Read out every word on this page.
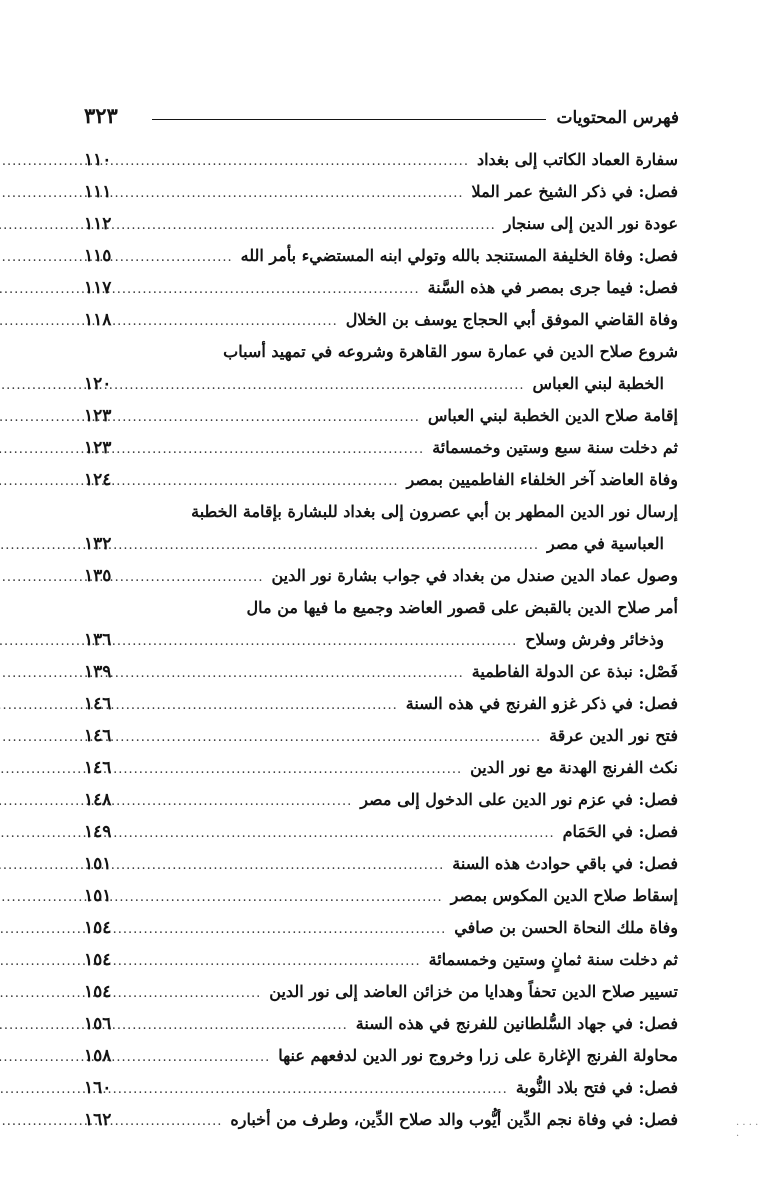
فهرس المحتويات
٣٢٣
سفارة العماد الكاتب إلى بغداد
.....
١١٠
فصل: في ذكر الشيخ عمر الملا
.....
١١١
عودة نور الدين إلى سنجار
.....
١١٢
فصل: وفاة الخليفة المستنجد بالله وتولي ابنه المستضيء بأمر الله
.....
١١٥
فصل: فيما جرى بمصر في هذه السَّنة
.....
١١٧
وفاة القاضي الموفق أبي الحجاج يوسف بن الخلال
.....
١١٨
شروع صلاح الدين في عمارة سور القاهرة وشروعه في تمهيد أسباب
الخطبة لبني العباس
.....
١٢٠
إقامة صلاح الدين الخطبة لبني العباس
.....
١٢٣
ثم دخلت سنة سبع وستين وخمسمائة
.....
١٢٣
وفاة العاضد آخر الخلفاء الفاطميين بمصر
.....
١٢٤
إرسال نور الدين المطهر بن أبي عصرون إلى بغداد للبشارة بإقامة الخطبة
العباسية في مصر
.....
١٣٢
وصول عماد الدين صندل من بغداد في جواب بشارة نور الدين
.....
١٣٥
أمر صلاح الدين بالقبض على قصور العاضد وجميع ما فيها من مال
وذخائر وفرش وسلاح
.....
١٣٦
فَصْل: نبذة عن الدولة الفاطمية
.....
١٣٩
فصل: في ذكر غزو الفرنج في هذه السنة
.....
١٤٦
فتح نور الدين عرقة
.....
١٤٦
نكث الفرنج الهدنة مع نور الدين
.....
١٤٦
فصل: في عزم نور الدين على الدخول إلى مصر
.....
١٤٨
فصل: في الحَمَام
.....
١٤٩
فصل: في باقي حوادث هذه السنة
.....
١٥١
إسقاط صلاح الدين المكوس بمصر
.....
١٥١
وفاة ملك النحاة الحسن بن صافي
.....
١٥٤
ثم دخلت سنة ثمانٍ وستين وخمسمائة
.....
١٥٤
تسيير صلاح الدين تحفاً وهدايا من خزائن العاضد إلى نور الدين
.....
١٥٤
فصل: في جهاد السُّلطانين للفرنج في هذه السنة
.....
١٥٦
محاولة الفرنج الإغارة على زرا وخروج نور الدين لدفعهم عنها
.....
١٥٨
فصل: في فتح بلاد النُّوبة
.....
١٦٠
فصل: في وفاة نجم الدِّين أيُّوب والد صلاح الدِّين، وطرف من أخباره
.....
١٦٢	· · · · ·
